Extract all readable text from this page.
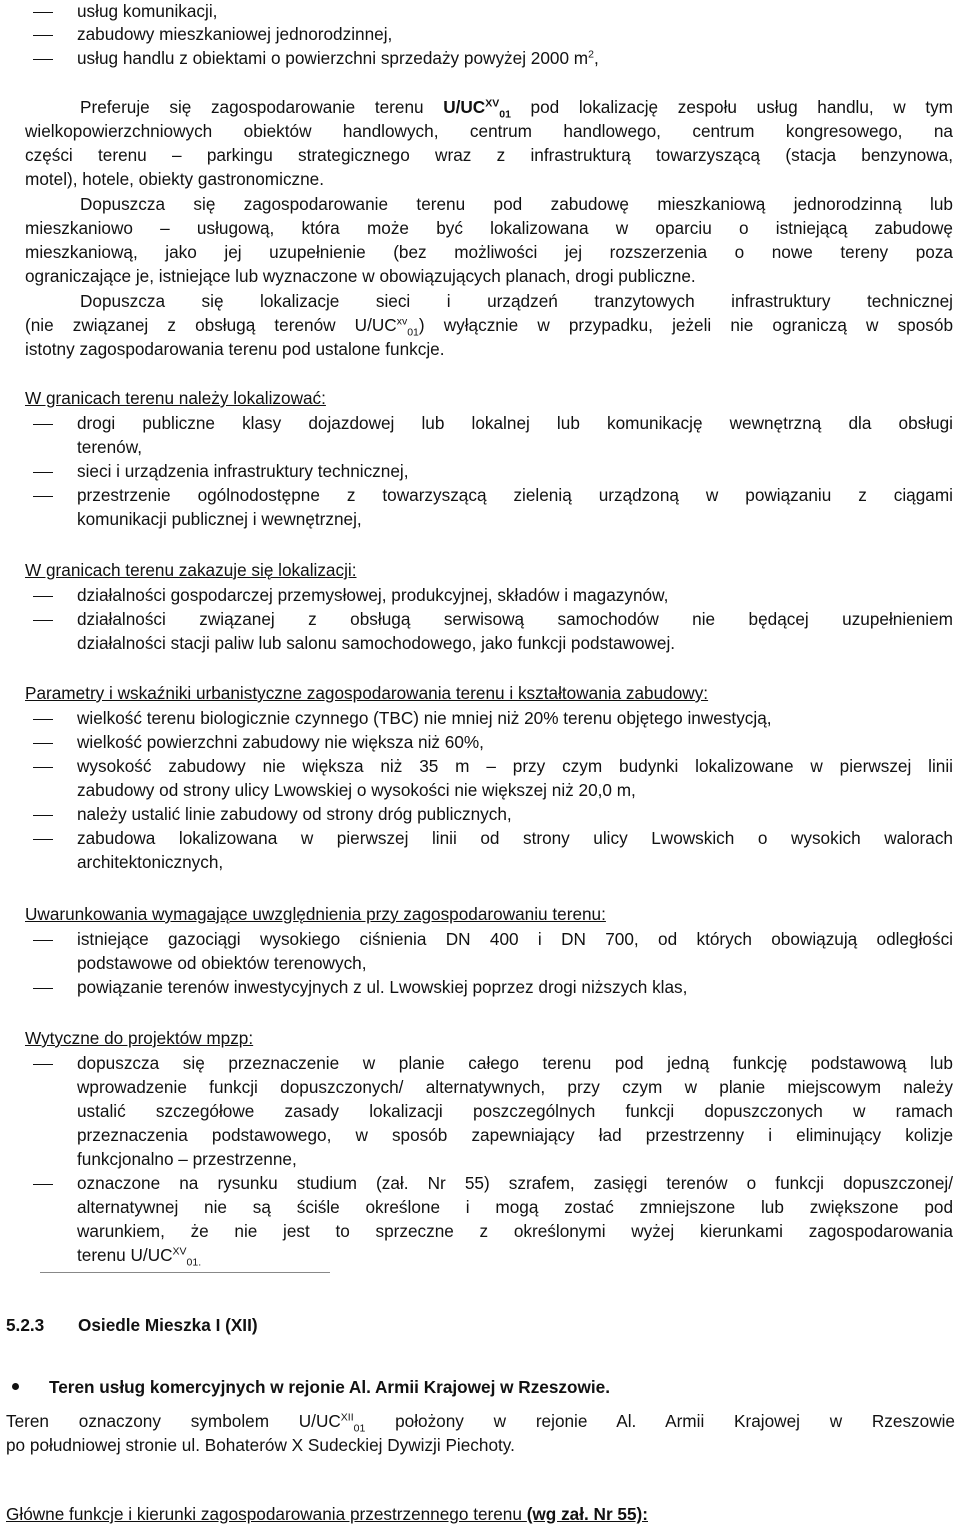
usług komunikacji,
zabudowy mieszkaniowej jednorodzinnej,
usług handlu z obiektami o powierzchni sprzedaży powyżej 2000 $m^2$,
Preferuje się zagospodarowanie terenu $U/UC^{XV}_{01}$ pod lokalizację zespołu usług handlu, w tym
wielkopowierzchniowych obiektów handlowych, centrum handlowego, centrum kongresowego, na
części terenu – parkingu strategicznego wraz z infrastrukturą towarzyszącą (stacja benzynowa,
motel), hotele, obiekty gastronomiczne.
Dopuszcza się zagospodarowanie terenu pod zabudowę mieszkaniową jednorodzinną lub
mieszkaniowo – usługową, która może być lokalizowana w oparciu o istniejącą zabudowę
mieszkaniową, jako jej uzupełnienie (bez możliwości jej rozszerzenia o nowe tereny poza
ograniczające je, istniejące lub wyznaczone w obowiązujących planach, drogi publiczne.
Dopuszcza się lokalizacje sieci i urządzeń tranzytowych infrastruktury technicznej
(nie związanej z obsługą terenów $U/UC^{xv}_{01}$) wyłącznie w przypadku, jeżeli nie ograniczą w sposób
istotny zagospodarowania terenu pod ustalone funkcje.
W granicach terenu należy lokalizować:
drogi publiczne klasy dojazdowej lub lokalnej lub komunikację wewnętrzną dla obsługi
terenów,
sieci i urządzenia infrastruktury technicznej,
przestrzenie ogólnodostępne z towarzyszącą zielenią urządzoną w powiązaniu z ciągami
komunikacji publicznej i wewnętrznej,
W granicach terenu zakazuje się lokalizacji:
działalności gospodarczej przemysłowej, produkcyjnej, składów i magazynów,
działalności związanej z obsługą serwisową samochodów nie będącej uzupełnieniem
działalności stacji paliw lub salonu samochodowego, jako funkcji podstawowej.
Parametry i wskaźniki urbanistyczne zagospodarowania terenu i kształtowania zabudowy:
wielkość terenu biologicznie czynnego (TBC) nie mniej niż 20% terenu objętego inwestycją,
wielkość powierzchni zabudowy nie większa niż 60%,
wysokość zabudowy nie większa niż 35 m – przy czym budynki lokalizowane w pierwszej linii
zabudowy od strony ulicy Lwowskiej o wysokości nie większej niż 20,0 m,
należy ustalić linie zabudowy od strony dróg publicznych,
zabudowa lokalizowana w pierwszej linii od strony ulicy Lwowskich o wysokich walorach
architektonicznych,
Uwarunkowania wymagające uwzględnienia przy zagospodarowaniu terenu:
istniejące gazociągi wysokiego ciśnienia DN 400 i DN 700, od których obowiązują odległości
podstawowe od obiektów terenowych,
powiązanie terenów inwestycyjnych z ul. Lwowskiej poprzez drogi niższych klas,
Wytyczne do projektów mpzp:
dopuszcza się przeznaczenie w planie całego terenu pod jedną funkcję podstawową lub
wprowadzenie funkcji dopuszczonych/ alternatywnych, przy czym w planie miejscowym należy
ustalić szczegółowe zasady lokalizacji poszczególnych funkcji dopuszczonych w ramach
przeznaczenia podstawowego, w sposób zapewniający ład przestrzenny i eliminujący kolizje
funkcjonalno – przestrzenne,
oznaczone na rysunku studium (zał. Nr 55) szrafem, zasięgi terenów o funkcji dopuszczonej/
alternatywnej nie są ściśle określone i mogą zostać zmniejszone lub zwiększone pod
warunkiem, że nie jest to sprzeczne z określonymi wyżej kierunkami zagospodarowania
terenu $U/UC^{XV}_{01.}$
5.2.3 Osiedle Mieszka I (XII)
Teren usług komercyjnych w rejonie Al. Armii Krajowej w Rzeszowie.
Teren oznaczony symbolem $U/UC^{XII}_{01}$ położony w rejonie Al. Armii Krajowej w Rzeszowie
po południowej stronie ul. Bohaterów X Sudeckiej Dywizji Piechoty.
Główne funkcje i kierunki zagospodarowania przestrzennego terenu (wg zał. Nr 55):
